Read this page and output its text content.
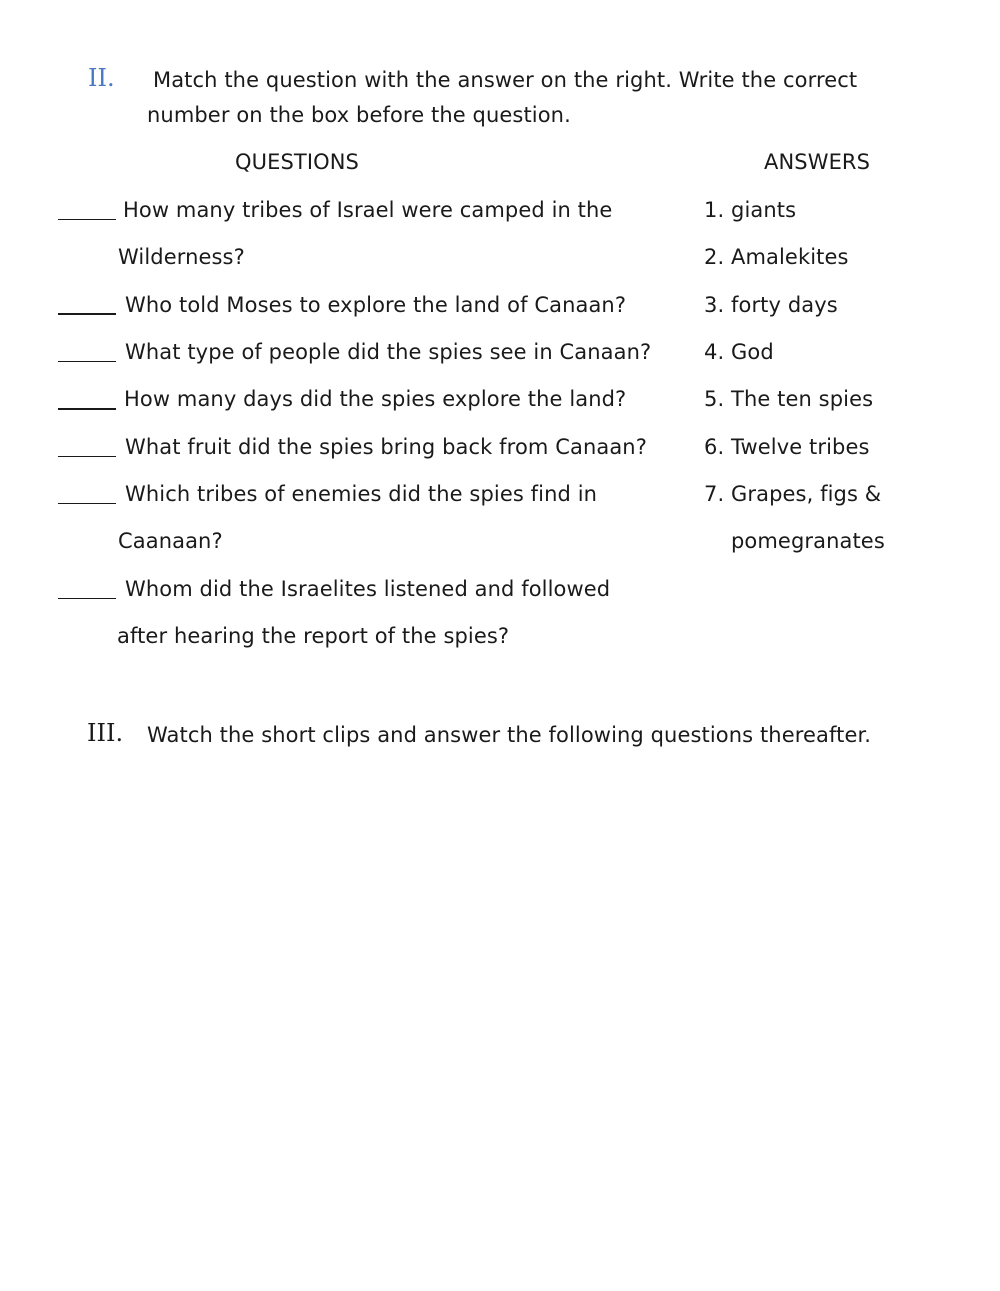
II. Match the question with the answer on the right. Write the correct
number on the box before the question.
QUESTIONS	ANSWERS
How many tribes of Israel were camped in the
Wilderness?
Who told Moses to explore the land of Canaan?
What type of people did the spies see in Canaan?
How many days did the spies explore the land?
What fruit did the spies bring back from Canaan?
Which tribes of enemies did the spies find in
Caanaan?
Whom did the Israelites listened and followed
after hearing the report of the spies?
1. giants
2. Amalekites
3. forty days
4. God
5. The ten spies
6. Twelve tribes
7. Grapes, figs &
pomegranates
III. Watch the short clips and answer the following questions thereafter.
